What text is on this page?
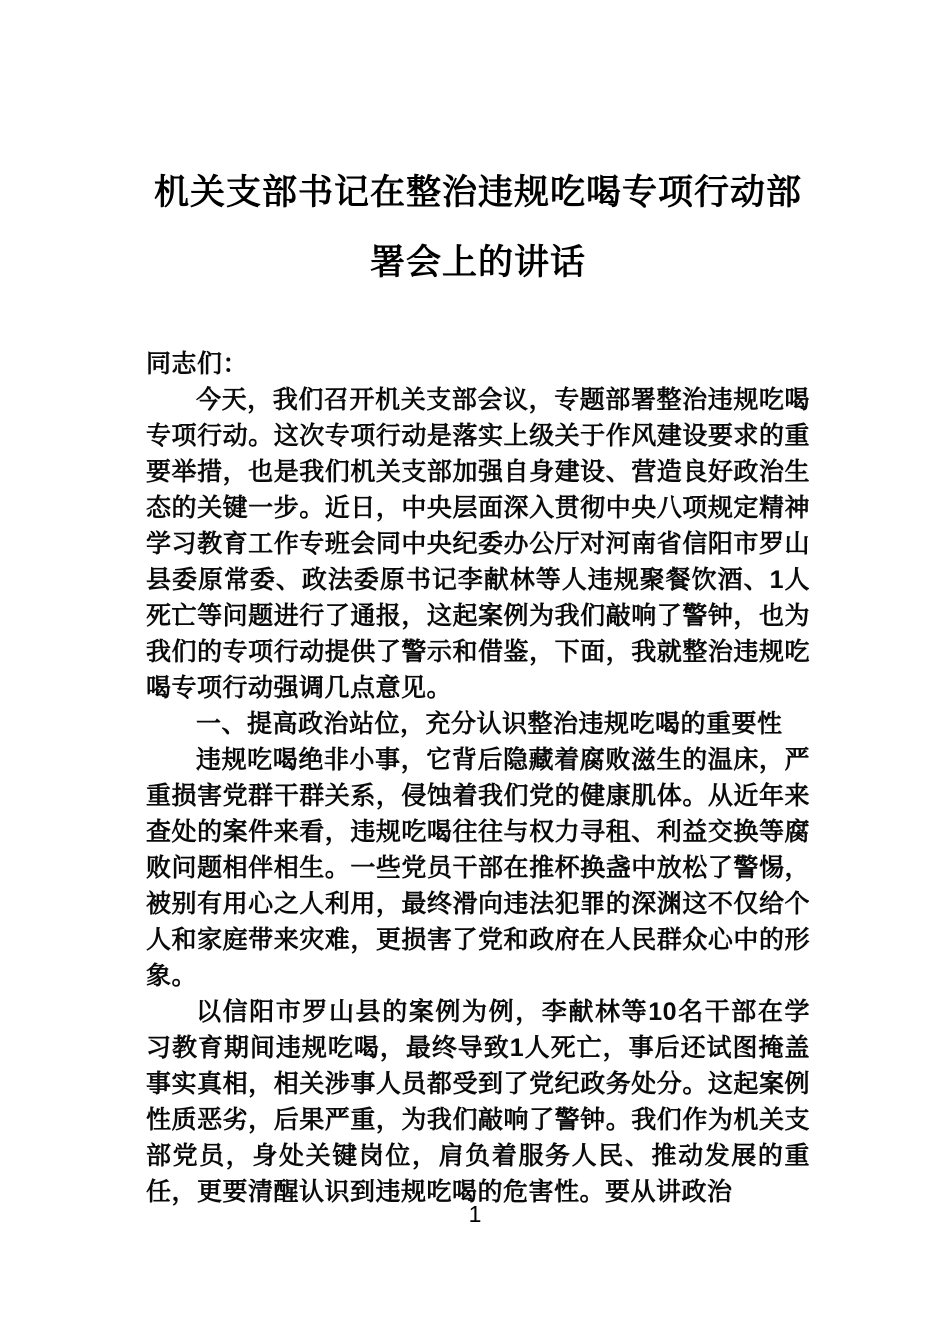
机关支部书记在整治违规吃喝专项行动部
署会上的讲话

同志们：

今天，我们召开机关支部会议，专题部署整治违规吃喝专项行动。这次专项行动是落实上级关于作风建设要求的重要举措，也是我们机关支部加强自身建设、营造良好政治生态的关键一步。近日，中央层面深入贯彻中央八项规定精神学习教育工作专班会同中央纪委办公厅对河南省信阳市罗山县委原常委、政法委原书记李献林等人违规聚餐饮酒、1人死亡等问题进行了通报，这起案例为我们敲响了警钟，也为我们的专项行动提供了警示和借鉴，下面，我就整治违规吃喝专项行动强调几点意见。

一、提高政治站位，充分认识整治违规吃喝的重要性

违规吃喝绝非小事，它背后隐藏着腐败滋生的温床，严重损害党群干群关系，侵蚀着我们党的健康肌体。从近年来查处的案件来看，违规吃喝往往与权力寻租、利益交换等腐败问题相伴相生。一些党员干部在推杯换盏中放松了警惕，被别有用心之人利用，最终滑向违法犯罪的深渊这不仅给个人和家庭带来灾难，更损害了党和政府在人民群众心中的形象。

以信阳市罗山县的案例为例，李献林等10名干部在学习教育期间违规吃喝，最终导致1人死亡，事后还试图掩盖事实真相，相关涉事人员都受到了党纪政务处分。这起案例性质恶劣，后果严重，为我们敲响了警钟。我们作为机关支部党员，身处关键岗位，肩负着服务人民、推动发展的重任，更要清醒认识到违规吃喝的危害性。要从讲政治

1
